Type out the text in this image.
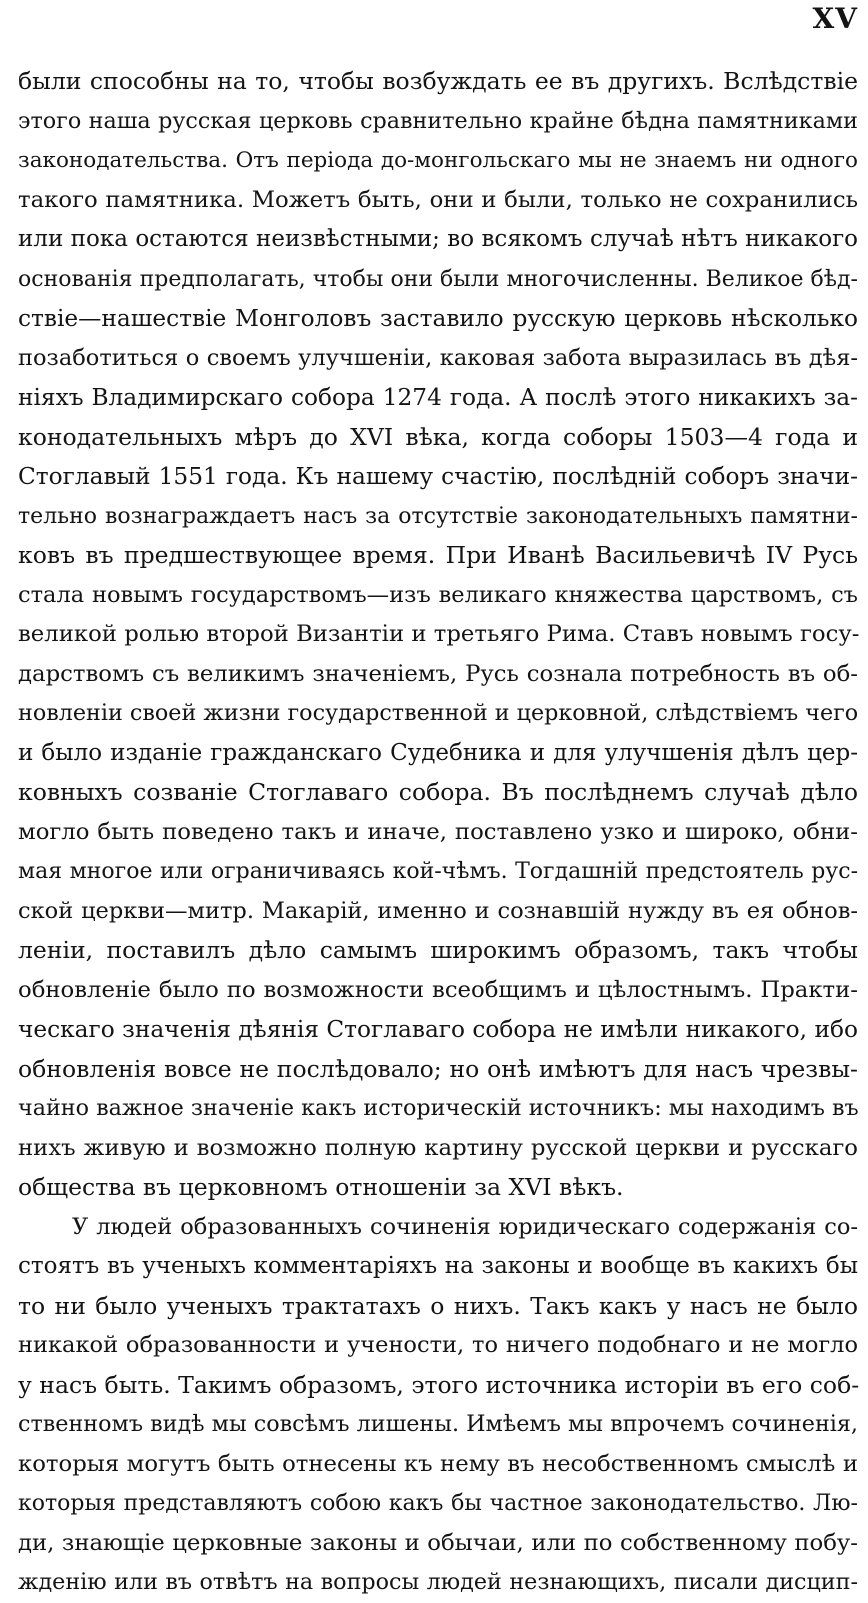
XV
были способны на то, чтобы возбуждать ее въ другихъ. Вслѣдствіе
этого наша русская церковь сравнительно крайне бѣдна памятниками
законодательства. Отъ періода до-монгольскаго мы не знаемъ ни одного
такого памятника. Можетъ быть, они и были, только не сохранились
или пока остаются неизвѣстными; во всякомъ случаѣ нѣтъ никакого
основанія предполагать, чтобы они были многочисленны. Великое бѣд-
ствіе—нашествіе Монголовъ заставило русскую церковь нѣсколько
позаботиться о своемъ улучшеніи, каковая забота выразилась въ дѣя-
ніяхъ Владимирскаго собора 1274 года. А послѣ этого никакихъ за-
конодательныхъ мѣръ до XVI вѣка, когда соборы 1503—4 года и
Стоглавый 1551 года. Къ нашему счастію, послѣдній соборъ значи-
тельно вознаграждаетъ насъ за отсутствіе законодательныхъ памятни-
ковъ въ предшествующее время. При Иванѣ Васильевичѣ IV Русь
стала новымъ государствомъ—изъ великаго княжества царствомъ, съ
великой ролью второй Византіи и третьяго Рима. Ставъ новымъ госу-
дарствомъ съ великимъ значеніемъ, Русь сознала потребность въ об-
новленіи своей жизни государственной и церковной, слѣдствіемъ чего
и было изданіе гражданскаго Судебника и для улучшенія дѣлъ цер-
ковныхъ созваніе Стоглаваго собора. Въ послѣднемъ случаѣ дѣло
могло быть поведено такъ и иначе, поставлено узко и широко, обни-
мая многое или ограничиваясь кой-чѣмъ. Тогдашній предстоятель рус-
ской церкви—митр. Макарій, именно и сознавшій нужду въ ея обнов-
леніи, поставилъ дѣло самымъ широкимъ образомъ, такъ чтобы
обновленіе было по возможности всеобщимъ и цѣлостнымъ. Практи-
ческаго значенія дѣянія Стоглаваго собора не имѣли никакого, ибо
обновленія вовсе не послѣдовало; но онѣ имѣютъ для насъ чрезвы-
чайно важное значеніе какъ историческій источникъ: мы находимъ въ
нихъ живую и возможно полную картину русской церкви и русскаго
общества въ церковномъ отношеніи за XVI вѣкъ.
У людей образованныхъ сочиненія юридическаго содержанія со-
стоятъ въ ученыхъ комментаріяхъ на законы и вообще въ какихъ бы
то ни было ученыхъ трактатахъ о нихъ. Такъ какъ у насъ не было
никакой образованности и учености, то ничего подобнаго и не могло
у насъ быть. Такимъ образомъ, этого источника исторіи въ его соб-
ственномъ видѣ мы совсѣмъ лишены. Имѣемъ мы впрочемъ сочиненія,
которыя могутъ быть отнесены къ нему въ несобственномъ смыслѣ и
которыя представляютъ собою какъ бы частное законодательство. Лю-
ди, знающіе церковные законы и обычаи, или по собственному побу-
жденію или въ отвѣтъ на вопросы людей незнающихъ, писали дисцип-
